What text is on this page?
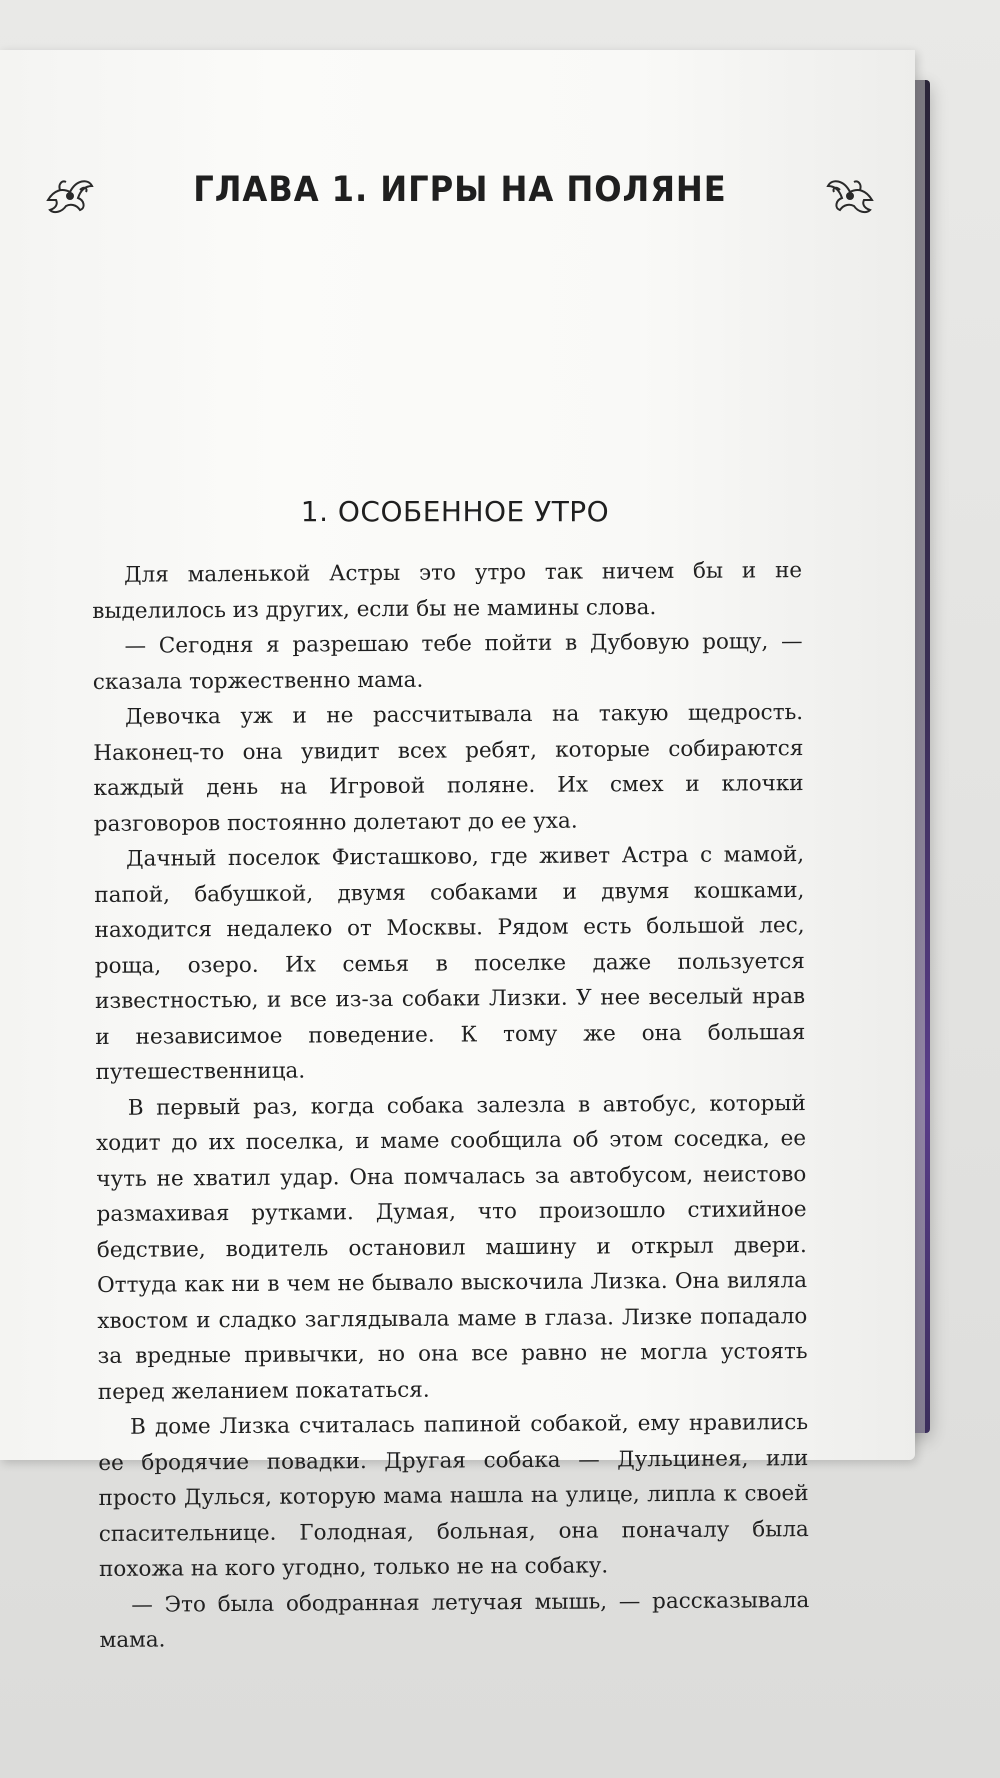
ГЛАВА 1. ИГРЫ НА ПОЛЯНЕ
1. ОСОБЕННОЕ УТРО

Для маленькой Астры это утро так ничем бы и не выделилось из других, если бы не мамины слова.

— Сегодня я разрешаю тебе пойти в Дубовую рощу, — сказала торжественно мама.

Девочка уж и не рассчитывала на такую щедрость. Наконец-то она увидит всех ребят, которые собираются каждый день на Игровой поляне. Их смех и клочки разговоров постоянно долетают до ее уха.

Дачный поселок Фисташково, где живет Астра с мамой, папой, бабушкой, двумя собаками и двумя кошками, находится недалеко от Москвы. Рядом есть большой лес, роща, озеро. Их семья в поселке даже пользуется известностью, и все из-за собаки Лизки. У нее веселый нрав и независимое поведение. К тому же она большая путешественница.

В первый раз, когда собака залезла в автобус, который ходит до их поселка, и маме сообщила об этом соседка, ее чуть не хватил удар. Она помчалась за автобусом, неистово размахивая рутками. Думая, что произошло стихийное бедствие, водитель остановил машину и открыл двери. Оттуда как ни в чем не бывало выскочила Лизка. Она виляла хвостом и сладко заглядывала маме в глаза. Лизке попадало за вредные привычки, но она все равно не могла устоять перед желанием покататься.

В доме Лизка считалась папиной собакой, ему нравились ее бродячие повадки. Другая собака — Дульцинея, или просто Дулься, которую мама нашла на улице, липла к своей спасительнице. Голодная, больная, она поначалу была похожа на кого угодно, только не на собаку.

— Это была ободранная летучая мышь, — рассказывала мама.
